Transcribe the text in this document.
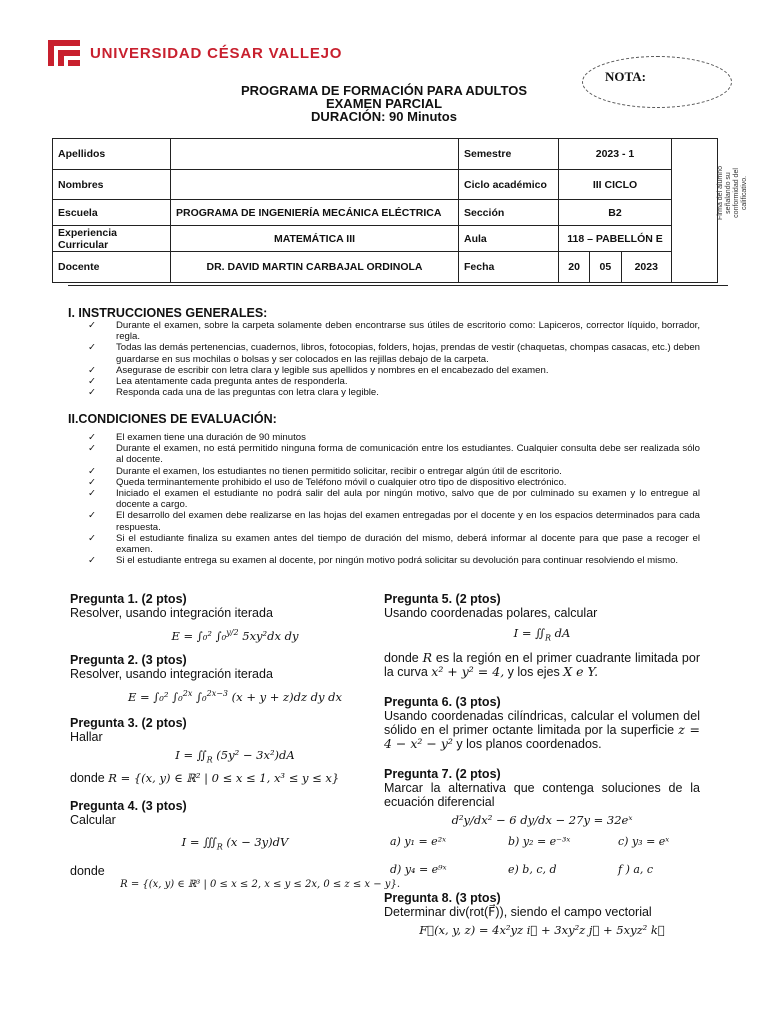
UNIVERSIDAD CÉSAR VALLEJO
NOTA:
PROGRAMA DE FORMACIÓN PARA ADULTOS
EXAMEN PARCIAL
DURACIÓN: 90 Minutos
Apellidos		Semestre	2023 - 1			
Nombres		Ciclo académico	III CICLO			
Escuela	PROGRAMA DE INGENIERÍA MECÁNICA ELÉCTRICA	Sección	B2			
Experiencia Curricular	MATEMÁTICA III	Aula	118 – PABELLÓN E			
Docente	DR. DAVID MARTIN CARBAJAL ORDINOLA	Fecha	20	05	2023	
Firma del alumno señalando su conformidad del calificativo.
I. INSTRUCCIONES GENERALES:
✓ Durante el examen, sobre la carpeta solamente deben encontrarse sus útiles de escritorio como: Lapiceros, corrector líquido, borrador, regla.
✓ Todas las demás pertenencias, cuadernos, libros, fotocopias, folders, hojas, prendas de vestir (chaquetas, chompas casacas, etc.) deben guardarse en sus mochilas o bolsas y ser colocados en las rejillas debajo de la carpeta.
✓ Asegurase de escribir con letra clara y legible sus apellidos y nombres en el encabezado del examen.
✓ Lea atentamente cada pregunta antes de responderla.
✓ Responda cada una de las preguntas con letra clara y legible.
II.CONDICIONES DE EVALUACIÓN:
✓ El examen tiene una duración de 90 minutos
✓ Durante el examen, no está permitido ninguna forma de comunicación entre los estudiantes. Cualquier consulta debe ser realizada sólo al docente.
✓ Durante el examen, los estudiantes no tienen permitido solicitar, recibir o entregar algún útil de escritorio.
✓ Queda terminantemente prohibido el uso de Teléfono móvil o cualquier otro tipo de dispositivo electrónico.
✓ Iniciado el examen el estudiante no podrá salir del aula por ningún motivo, salvo que de por culminado su examen y lo entregue al docente a cargo.
✓ El desarrollo del examen debe realizarse en las hojas del examen entregadas por el docente y en los espacios determinados para cada respuesta.
✓ Si el estudiante finaliza su examen antes del tiempo de duración del mismo, deberá informar al docente para que pase a recoger el examen.
✓ Si el estudiante entrega su examen al docente, por ningún motivo podrá solicitar su devolución para continuar resolviendo el mismo.
Pregunta 1. (2 ptos)
Resolver, usando integración iterada
E = ∫₀² ∫₀$^{y/2}$ 5xy²dx dy
Pregunta 2. (3 ptos)
Resolver, usando integración iterada
E = ∫₀² ∫₀$^{2x}$ ∫₀$^{2x-3}$ (x + y + z)dz dy dx
Pregunta 3. (2 ptos)
Hallar
$I = ∬_R$ (5y² − 3x²)dA
donde R = {(x, y) ∈ ℝ² | 0 ≤ x ≤ 1, x³ ≤ y ≤ x}
Pregunta 4. (3 ptos)
Calcular
$I = ∭_R$ (x − 3y)dV
donde
R = {(x, y) ∈ ℝ³ | 0 ≤ x ≤ 2, x ≤ y ≤ 2x, 0 ≤ z ≤ x − y}.
Pregunta 5. (2 ptos)
Usando coordenadas polares, calcular
$I = ∬_R$ dA
donde R es la región en el primer cuadrante limitada por la curva x² + y² = 4, y los ejes X e Y.
Pregunta 6. (3 ptos)
Usando coordenadas cilíndricas, calcular el volumen del sólido en el primer octante limitada por la superficie z = 4 − x² − y² y los planos coordenados.
Pregunta 7. (2 ptos)
Marcar la alternativa que contenga soluciones de la ecuación diferencial
d²y/dx² − 6 dy/dx − 27y = 32eˣ
a) y₁ = e²ˣ	b) y₂ = e⁻³ˣ	c) y₃ = eˣ
d) y₄ = e⁹ˣ	e) b, c, d	f ) a, c
Pregunta 8. (3 ptos)
Determinar div(rot(F⃗)), siendo el campo vectorial
F⃗(x, y, z) = 4x²yz i⃗ + 3xy²z j⃗ + 5xyz² k⃗
